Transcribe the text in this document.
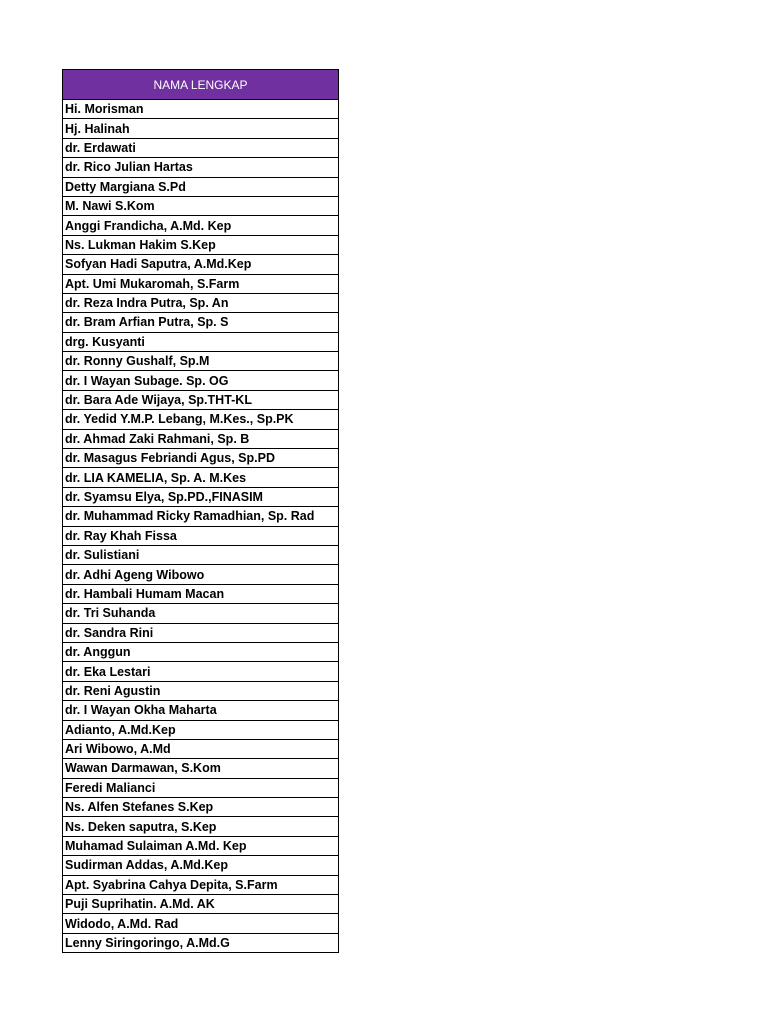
NAMA LENGKAP
Hi. Morisman
Hj. Halinah
dr. Erdawati
dr. Rico Julian Hartas
Detty Margiana S.Pd
M. Nawi S.Kom
Anggi Frandicha, A.Md. Kep
Ns. Lukman Hakim S.Kep
Sofyan Hadi Saputra, A.Md.Kep
Apt. Umi Mukaromah, S.Farm
dr. Reza Indra Putra, Sp. An
dr. Bram Arfian Putra, Sp. S
drg. Kusyanti
dr. Ronny Gushalf, Sp.M
dr. I Wayan Subage. Sp. OG
dr. Bara Ade Wijaya, Sp.THT-KL
dr. Yedid Y.M.P. Lebang, M.Kes., Sp.PK
dr. Ahmad Zaki Rahmani, Sp. B
dr. Masagus Febriandi Agus, Sp.PD
dr. LIA KAMELIA, Sp. A. M.Kes
dr. Syamsu Elya, Sp.PD.,FINASIM
dr. Muhammad Ricky Ramadhian, Sp. Rad
dr. Ray Khah Fissa
dr. Sulistiani
dr. Adhi Ageng Wibowo
dr. Hambali Humam Macan
dr. Tri Suhanda
dr. Sandra Rini
dr. Anggun
dr. Eka Lestari
dr. Reni Agustin
dr. I Wayan Okha Maharta
Adianto, A.Md.Kep
Ari Wibowo, A.Md
Wawan Darmawan, S.Kom
Feredi Malianci
Ns. Alfen Stefanes S.Kep
Ns. Deken saputra, S.Kep
Muhamad Sulaiman A.Md. Kep
Sudirman Addas, A.Md.Kep
Apt. Syabrina Cahya Depita, S.Farm
Puji Suprihatin. A.Md. AK
Widodo, A.Md. Rad
Lenny Siringoringo, A.Md.G
